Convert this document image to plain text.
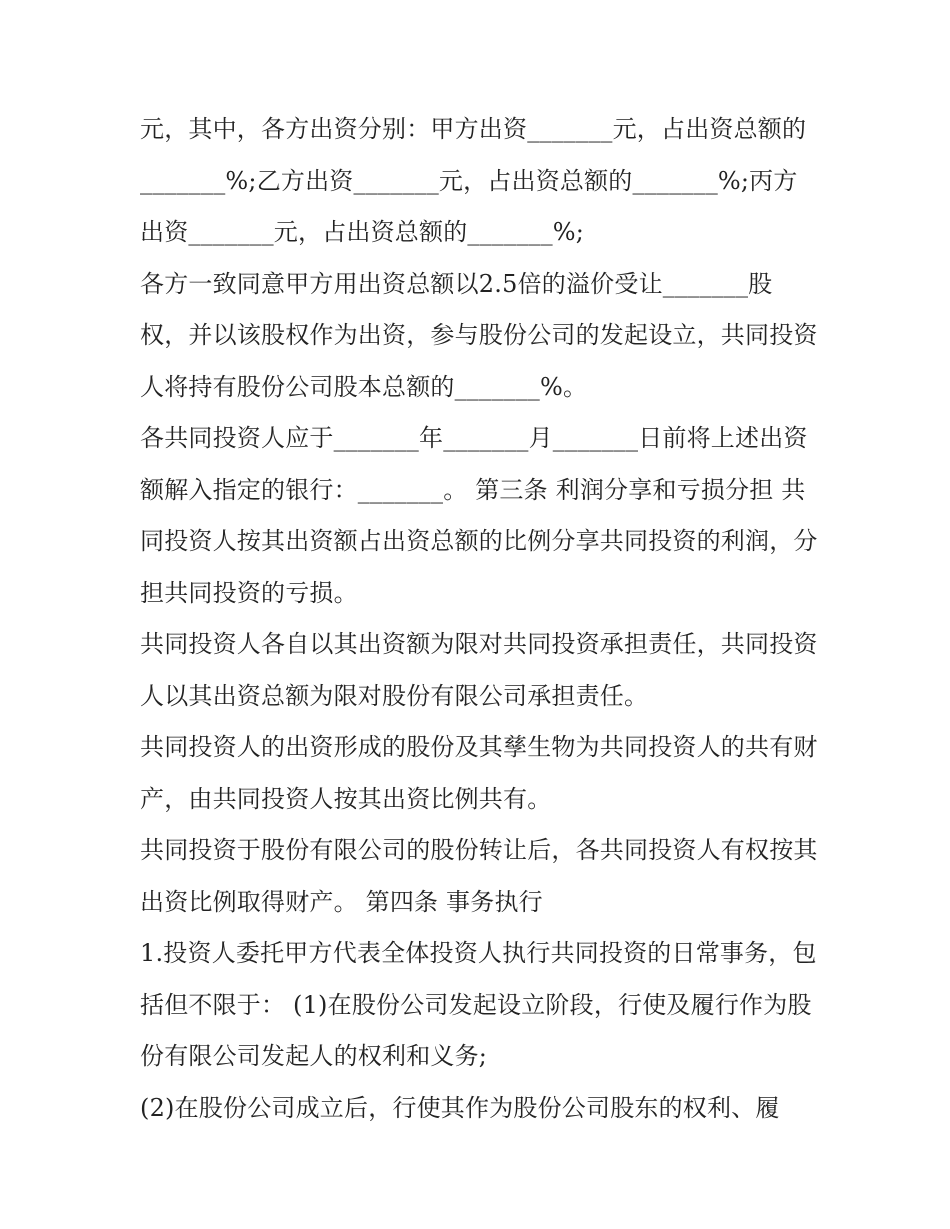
元，其中，各方出资分别：甲方出资_______元，占出资总额的_______%;乙方出资_______元，占出资总额的_______%;丙方出资_______元，占出资总额的_______%;

各方一致同意甲方用出资总额以2.5倍的溢价受让_______股权，并以该股权作为出资，参与股份公司的发起设立，共同投资人将持有股份公司股本总额的_______%。

各共同投资人应于_______年_______月_______日前将上述出资额解入指定的银行：_______。 第三条 利润分享和亏损分担 共同投资人按其出资额占出资总额的比例分享共同投资的利润，分担共同投资的亏损。

共同投资人各自以其出资额为限对共同投资承担责任，共同投资人以其出资总额为限对股份有限公司承担责任。

共同投资人的出资形成的股份及其孳生物为共同投资人的共有财产，由共同投资人按其出资比例共有。

共同投资于股份有限公司的股份转让后，各共同投资人有权按其出资比例取得财产。 第四条 事务执行

1.投资人委托甲方代表全体投资人执行共同投资的日常事务，包括但不限于： (1)在股份公司发起设立阶段，行使及履行作为股份有限公司发起人的权利和义务;

(2)在股份公司成立后，行使其作为股份公司股东的权利、履
